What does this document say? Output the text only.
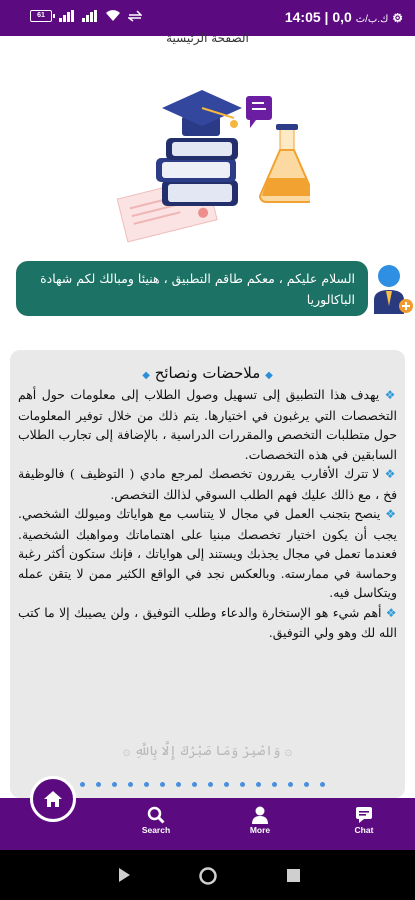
14:05 | 0,0 ك.ب/ث ⚙
61
الصفحة الرئيسية
السلام عليكم ، معكم طاقم التطبيق ، هنيئا ومبالك لكم شهادة الباكالوريا
◆ ملاحضات ونصائح ◆
❖ يهدف هذا التطبيق إلى تسهيل وصول الطلاب إلى معلومات حول أهم التخصصات التي يرغبون في اختيارها. يتم ذلك من خلال توفير المعلومات حول متطلبات التخصص والمقررات الدراسية ، بالإضافة إلى تجارب الطلاب السابقين في هذه التخصصات.
❖ لا تترك الأقارب يقررون تخصصك لمرجع مادي ( التوظيف ) فالوظيفة فخ ، مع ذالك عليك فهم الطلب السوقي لذالك التخصص.
❖ ينصح بتجنب العمل في مجال لا يتناسب مع هواياتك وميولك الشخصي. يجب أن يكون اختيار تخصصك مبنيا على اهتماماتك ومواهبك الشخصية. فعندما تعمل في مجال يجذبك ويستند إلى هواياتك ، فإنك ستكون أكثر رغبة وحماسة في ممارسته. وبالعكس نجد في الواقع الكثير ممن لا يتقن عمله ويتكاسل فيه.
❖ أهم شيء هو الإستخارة والدعاء وطلب التوفيق ، ولن يصيبك إلا ما كتب الله لك وهو ولي التوفيق.
۞ وَاصْبِرْ وَمَا صَبْرُكَ إِلَّا بِاللَّهِ ۞
Search	More	Chat
